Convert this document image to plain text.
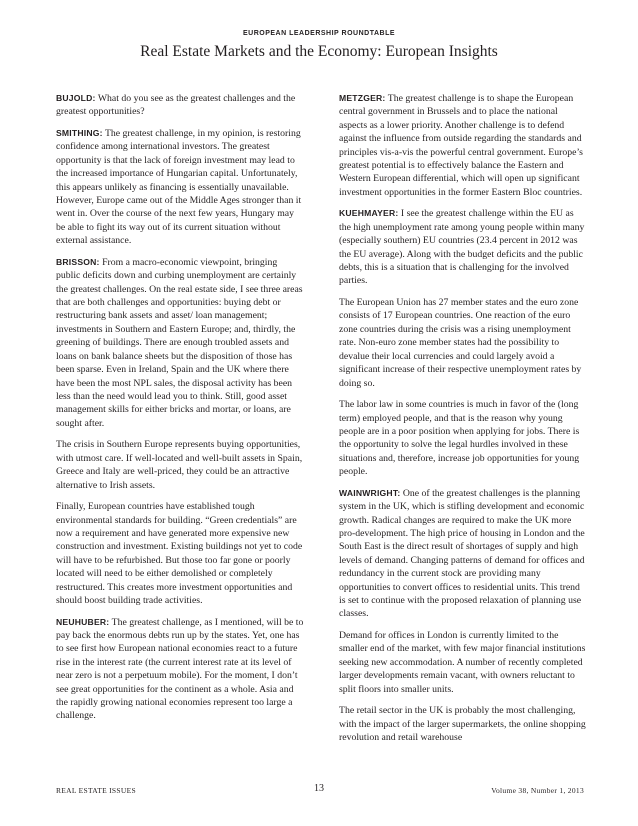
EUROPEAN LEADERSHIP ROUNDTABLE
Real Estate Markets and the Economy: European Insights

BUJOLD: What do you see as the greatest challenges and the greatest opportunities?

SMITHING: The greatest challenge, in my opinion, is restoring confidence among international investors. The greatest opportunity is that the lack of foreign investment may lead to the increased importance of Hungarian capital. Unfortunately, this appears unlikely as financing is essentially unavailable. However, Europe came out of the Middle Ages stronger than it went in. Over the course of the next few years, Hungary may be able to fight its way out of its current situation without external assistance.

BRISSON: From a macro-economic viewpoint, bringing public deficits down and curbing unemployment are certainly the greatest challenges. On the real estate side, I see three areas that are both challenges and opportunities: buying debt or restructuring bank assets and asset/ loan management; investments in Southern and Eastern Europe; and, thirdly, the greening of buildings. There are enough troubled assets and loans on bank balance sheets but the disposition of those has been sparse. Even in Ireland, Spain and the UK where there have been the most NPL sales, the disposal activity has been less than the need would lead you to think. Still, good asset management skills for either bricks and mortar, or loans, are sought after.

The crisis in Southern Europe represents buying opportunities, with utmost care. If well-located and well-built assets in Spain, Greece and Italy are well-priced, they could be an attractive alternative to Irish assets.

Finally, European countries have established tough environmental standards for building. “Green credentials” are now a requirement and have generated more expensive new construction and investment. Existing buildings not yet to code will have to be refurbished. But those too far gone or poorly located will need to be either demolished or completely restructured. This creates more investment opportunities and should boost building trade activities.

NEUHUBER: The greatest challenge, as I mentioned, will be to pay back the enormous debts run up by the states. Yet, one has to see first how European national economies react to a future rise in the interest rate (the current interest rate at its level of near zero is not a perpetuum mobile). For the moment, I don’t see great opportunities for the continent as a whole. Asia and the rapidly growing national economies represent too large a challenge.

METZGER: The greatest challenge is to shape the European central government in Brussels and to place the national aspects as a lower priority. Another challenge is to defend against the influence from outside regarding the standards and principles vis-a-vis the powerful central government. Europe’s greatest potential is to effectively balance the Eastern and Western European differential, which will open up significant investment opportunities in the former Eastern Bloc countries.

KUEHMAYER: I see the greatest challenge within the EU as the high unemployment rate among young people within many (especially southern) EU countries (23.4 percent in 2012 was the EU average). Along with the budget deficits and the public debts, this is a situation that is challenging for the involved parties.

The European Union has 27 member states and the euro zone consists of 17 European countries. One reaction of the euro zone countries during the crisis was a rising unemployment rate. Non-euro zone member states had the possibility to devalue their local currencies and could largely avoid a significant increase of their respective unemployment rates by doing so.

The labor law in some countries is much in favor of the (long term) employed people, and that is the reason why young people are in a poor position when applying for jobs. There is the opportunity to solve the legal hurdles involved in these situations and, therefore, increase job opportunities for young people.

WAINWRIGHT: One of the greatest challenges is the planning system in the UK, which is stifling development and economic growth. Radical changes are required to make the UK more pro-development. The high price of housing in London and the South East is the direct result of shortages of supply and high levels of demand. Changing patterns of demand for offices and redundancy in the current stock are providing many opportunities to convert offices to residential units. This trend is set to continue with the proposed relaxation of planning use classes.

Demand for offices in London is currently limited to the smaller end of the market, with few major financial institutions seeking new accommodation. A number of recently completed larger developments remain vacant, with owners reluctant to split floors into smaller units.

The retail sector in the UK is probably the most challenging, with the impact of the larger supermarkets, the online shopping revolution and retail warehouse

REAL ESTATE ISSUES	13	Volume 38, Number 1, 2013
